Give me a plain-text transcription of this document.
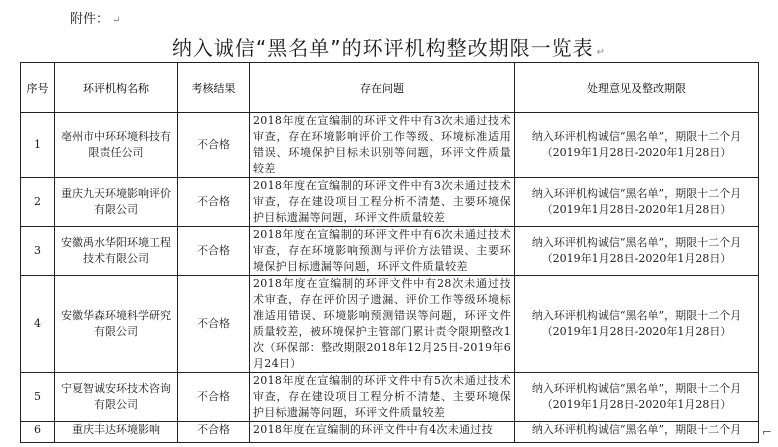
附件： ↵
纳入诚信“黑名单”的环评机构整改期限一览表 ↵
序号	环评机构名称	考核结果	存在问题	处理意见及整改期限
1	亳州市中环环境科技有限责任公司	不合格	2018年度在宣编制的环评文件中有3次未通过技术审查，存在环境影响评价工作等级、环境标准适用错误、环境保护目标未识别等问题，环评文件质量较差	纳入环评机构诚信“黑名单”，期限十二个月（2019年1月28日-2020年1月28日）
2	重庆九天环境影响评价有限公司	不合格	2018年度在宣编制的环评文件中有3次未通过技术审查，存在建设项目工程分析不清楚、主要环境保护目标遗漏等问题，环评文件质量较差	纳入环评机构诚信“黑名单”，期限十二个月（2019年1月28日-2020年1月28日）
3	安徽禹水华阳环境工程技术有限公司	不合格	2018年度在宣编制的环评文件中有6次未通过技术审查，存在环境影响预测与评价方法错误、主要环境保护目标遗漏等问题，环评文件质量较差	纳入环评机构诚信“黑名单”，期限十二个月（2019年1月28日-2020年1月28日）
4	安徽华森环境科学研究有限公司	不合格	2018年度在宣编制的环评文件中有28次未通过技术审查，存在评价因子遗漏、评价工作等级环境标准适用错误、环境影响预测错误等问题，环评文件质量较差，被环境保护主管部门累计责令限期整改1次（环保部：整改期限2018年12月25日-2019年6月24日）	纳入环评机构诚信“黑名单”，期限十二个月（2019年1月28日-2020年1月28日）
5	宁夏智诚安环技术咨询有限公司	不合格	2018年度在宣编制的环评文件中有5次未通过技术审查，存在建设项目工程分析不清楚、主要环境保护目标遗漏等问题，环评文件质量较差	纳入环评机构诚信“黑名单”，期限十二个月（2019年1月28日-2020年1月28日）
6	重庆丰达环境影响	不合格	2018年度在宣编制的环评文件中有4次未通过技	纳入环评机构诚信“黑名单”，期限十二个月 ⌐
